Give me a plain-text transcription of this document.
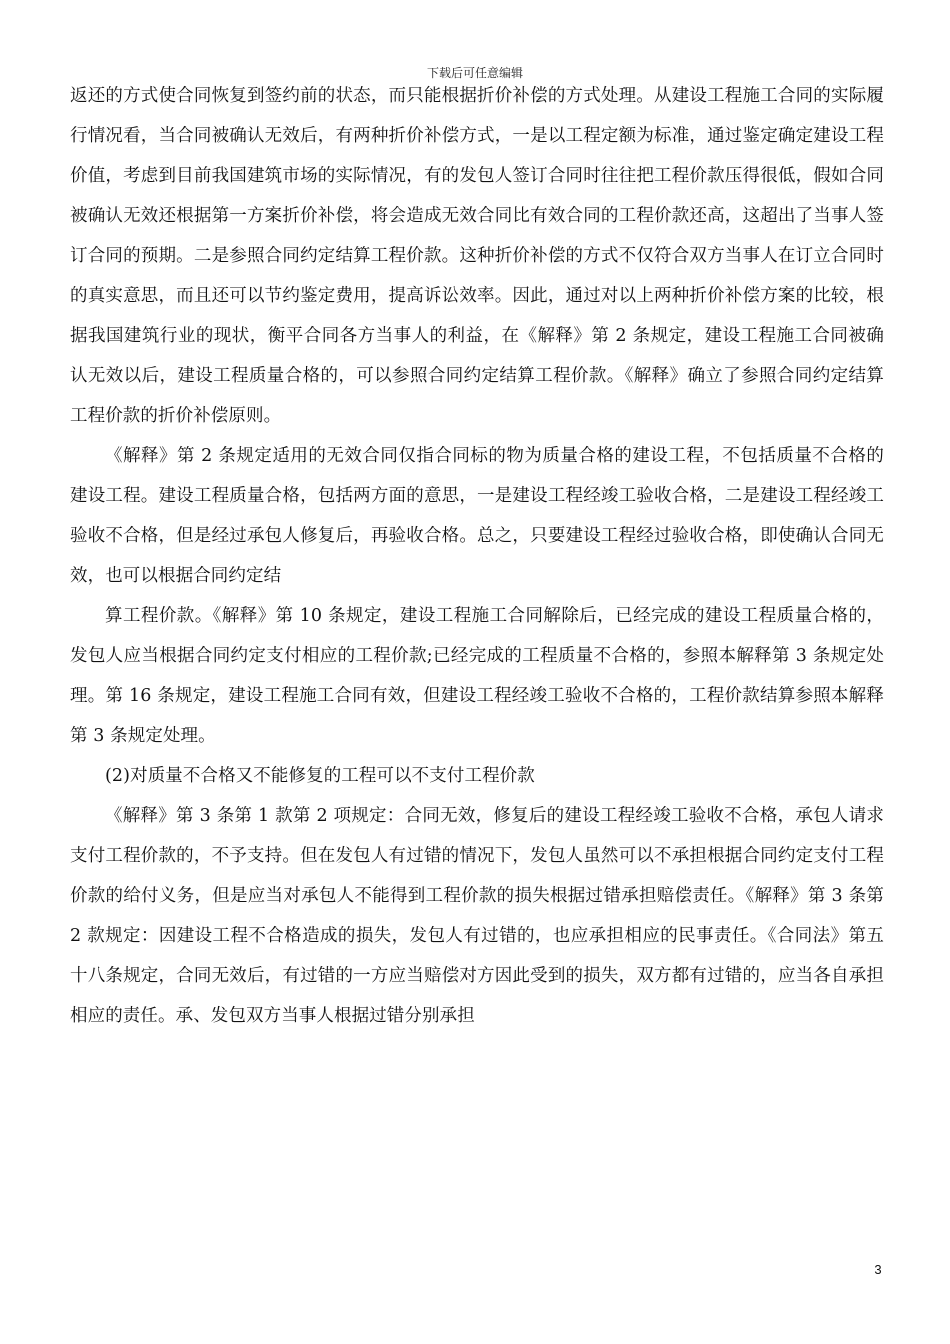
下载后可任意编辑

返还的方式使合同恢复到签约前的状态，而只能根据折价补偿的方式处理。从建设工程施工合同的实际履行情况看，当合同被确认无效后，有两种折价补偿方式，一是以工程定额为标准，通过鉴定确定建设工程价值，考虑到目前我国建筑市场的实际情况，有的发包人签订合同时往往把工程价款压得很低，假如合同被确认无效还根据第一方案折价补偿，将会造成无效合同比有效合同的工程价款还高，这超出了当事人签订合同的预期。二是参照合同约定结算工程价款。这种折价补偿的方式不仅符合双方当事人在订立合同时的真实意思，而且还可以节约鉴定费用，提高诉讼效率。因此，通过对以上两种折价补偿方案的比较，根据我国建筑行业的现状，衡平合同各方当事人的利益，在《解释》第 2 条规定，建设工程施工合同被确认无效以后，建设工程质量合格的，可以参照合同约定结算工程价款。《解释》确立了参照合同约定结算工程价款的折价补偿原则。

《解释》第 2 条规定适用的无效合同仅指合同标的物为质量合格的建设工程，不包括质量不合格的建设工程。建设工程质量合格，包括两方面的意思，一是建设工程经竣工验收合格，二是建设工程经竣工验收不合格，但是经过承包人修复后，再验收合格。总之，只要建设工程经过验收合格，即使确认合同无效，也可以根据合同约定结

算工程价款。《解释》第 10 条规定，建设工程施工合同解除后，已经完成的建设工程质量合格的，发包人应当根据合同约定支付相应的工程价款;已经完成的工程质量不合格的，参照本解释第 3 条规定处理。第 16 条规定，建设工程施工合同有效，但建设工程经竣工验收不合格的，工程价款结算参照本解释第 3 条规定处理。

(2)对质量不合格又不能修复的工程可以不支付工程价款

《解释》第 3 条第 1 款第 2 项规定：合同无效，修复后的建设工程经竣工验收不合格，承包人请求支付工程价款的，不予支持。但在发包人有过错的情况下，发包人虽然可以不承担根据合同约定支付工程价款的给付义务，但是应当对承包人不能得到工程价款的损失根据过错承担赔偿责任。《解释》第 3 条第 2 款规定：因建设工程不合格造成的损失，发包人有过错的，也应承担相应的民事责任。《合同法》第五十八条规定，合同无效后，有过错的一方应当赔偿对方因此受到的损失，双方都有过错的，应当各自承担相应的责任。承、发包双方当事人根据过错分别承担

3
